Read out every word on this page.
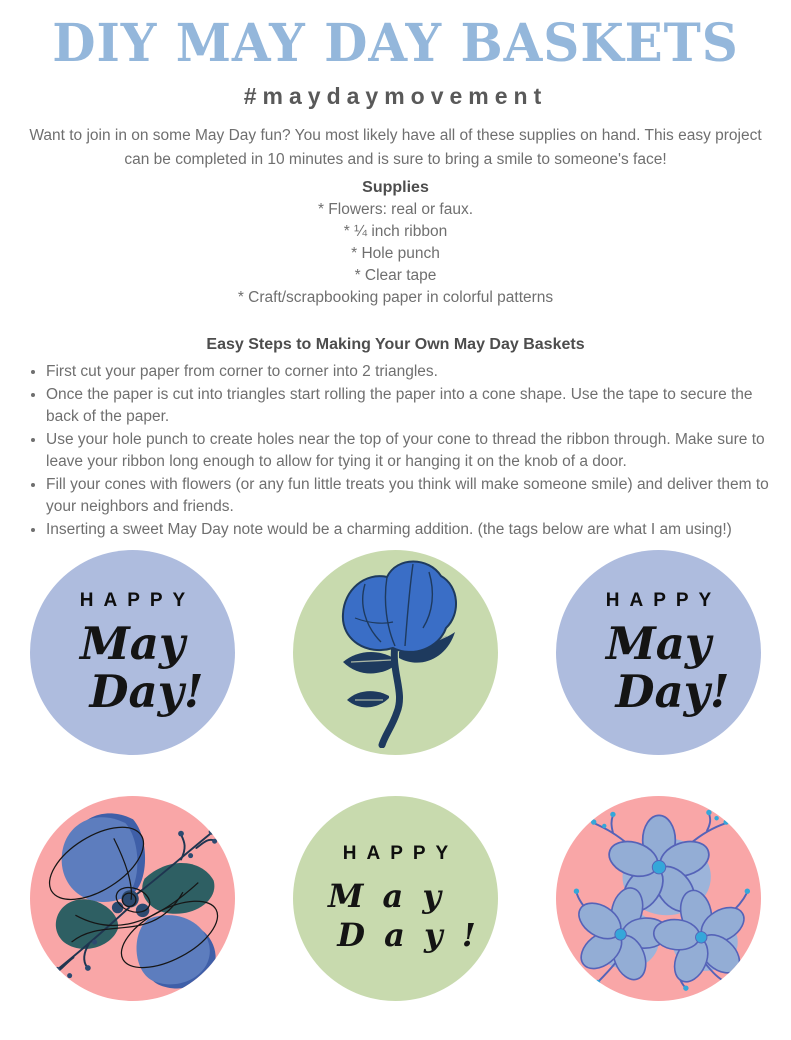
DIY MAY DAY BASKETS
#maydaymovement

Want to join in on some May Day fun? You most likely have all of these supplies on hand. This easy project can be completed in 10 minutes and is sure to bring a smile to someone's face!

Supplies
* Flowers: real or faux.
* ¼ inch ribbon
* Hole punch
* Clear tape
* Craft/scrapbooking paper in colorful patterns
Easy Steps to Making Your Own May Day Baskets
• First cut your paper from corner to corner into 2 triangles.
• Once the paper is cut into triangles start rolling the paper into a cone shape. Use the tape to secure the back of the paper.
• Use your hole punch to create holes near the top of your cone to thread the ribbon through. Make sure to leave your ribbon long enough to allow for tying it or hanging it on the knob of a door.
• Fill your cones with flowers (or any fun little treats you think will make someone smile) and deliver them to your neighbors and friends.
• Inserting a sweet May Day note would be a charming addition. (the tags below are what I am using!)
HAPPY
May
Day!
HAPPY
May
Day!
HAPPY
M a y
D a y !
